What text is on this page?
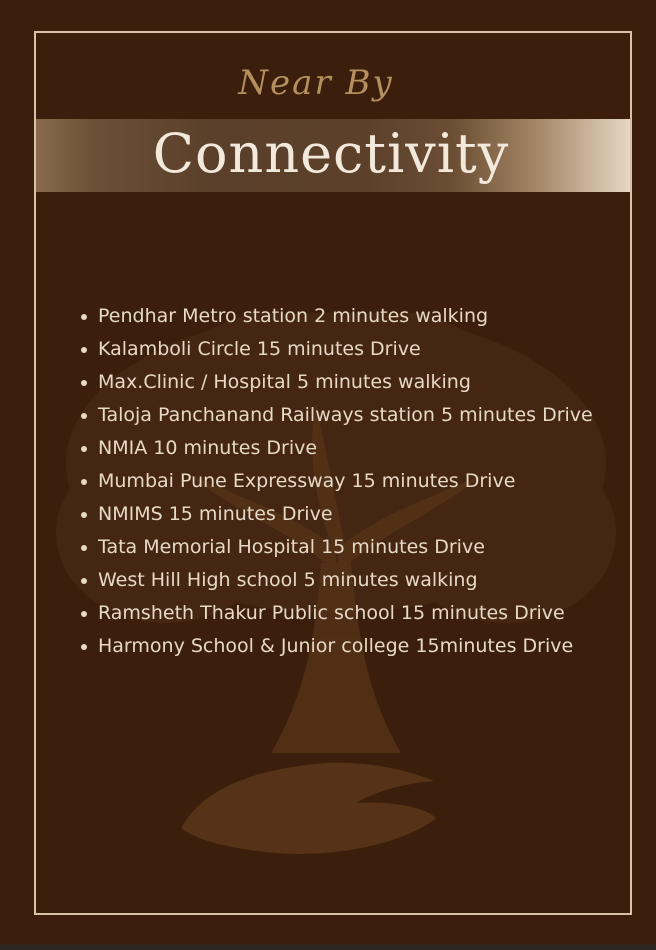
Near By
Connectivity
Pendhar Metro station 2 minutes walking
Kalamboli Circle 15 minutes Drive
Max.Clinic / Hospital 5 minutes walking
Taloja Panchanand Railways station 5 minutes Drive
NMIA 10 minutes Drive
Mumbai Pune Expressway 15 minutes Drive
NMIMS 15 minutes Drive
Tata Memorial Hospital 15 minutes Drive
West Hill High school 5 minutes walking
Ramsheth Thakur Public school 15 minutes Drive
Harmony School & Junior college 15minutes Drive
